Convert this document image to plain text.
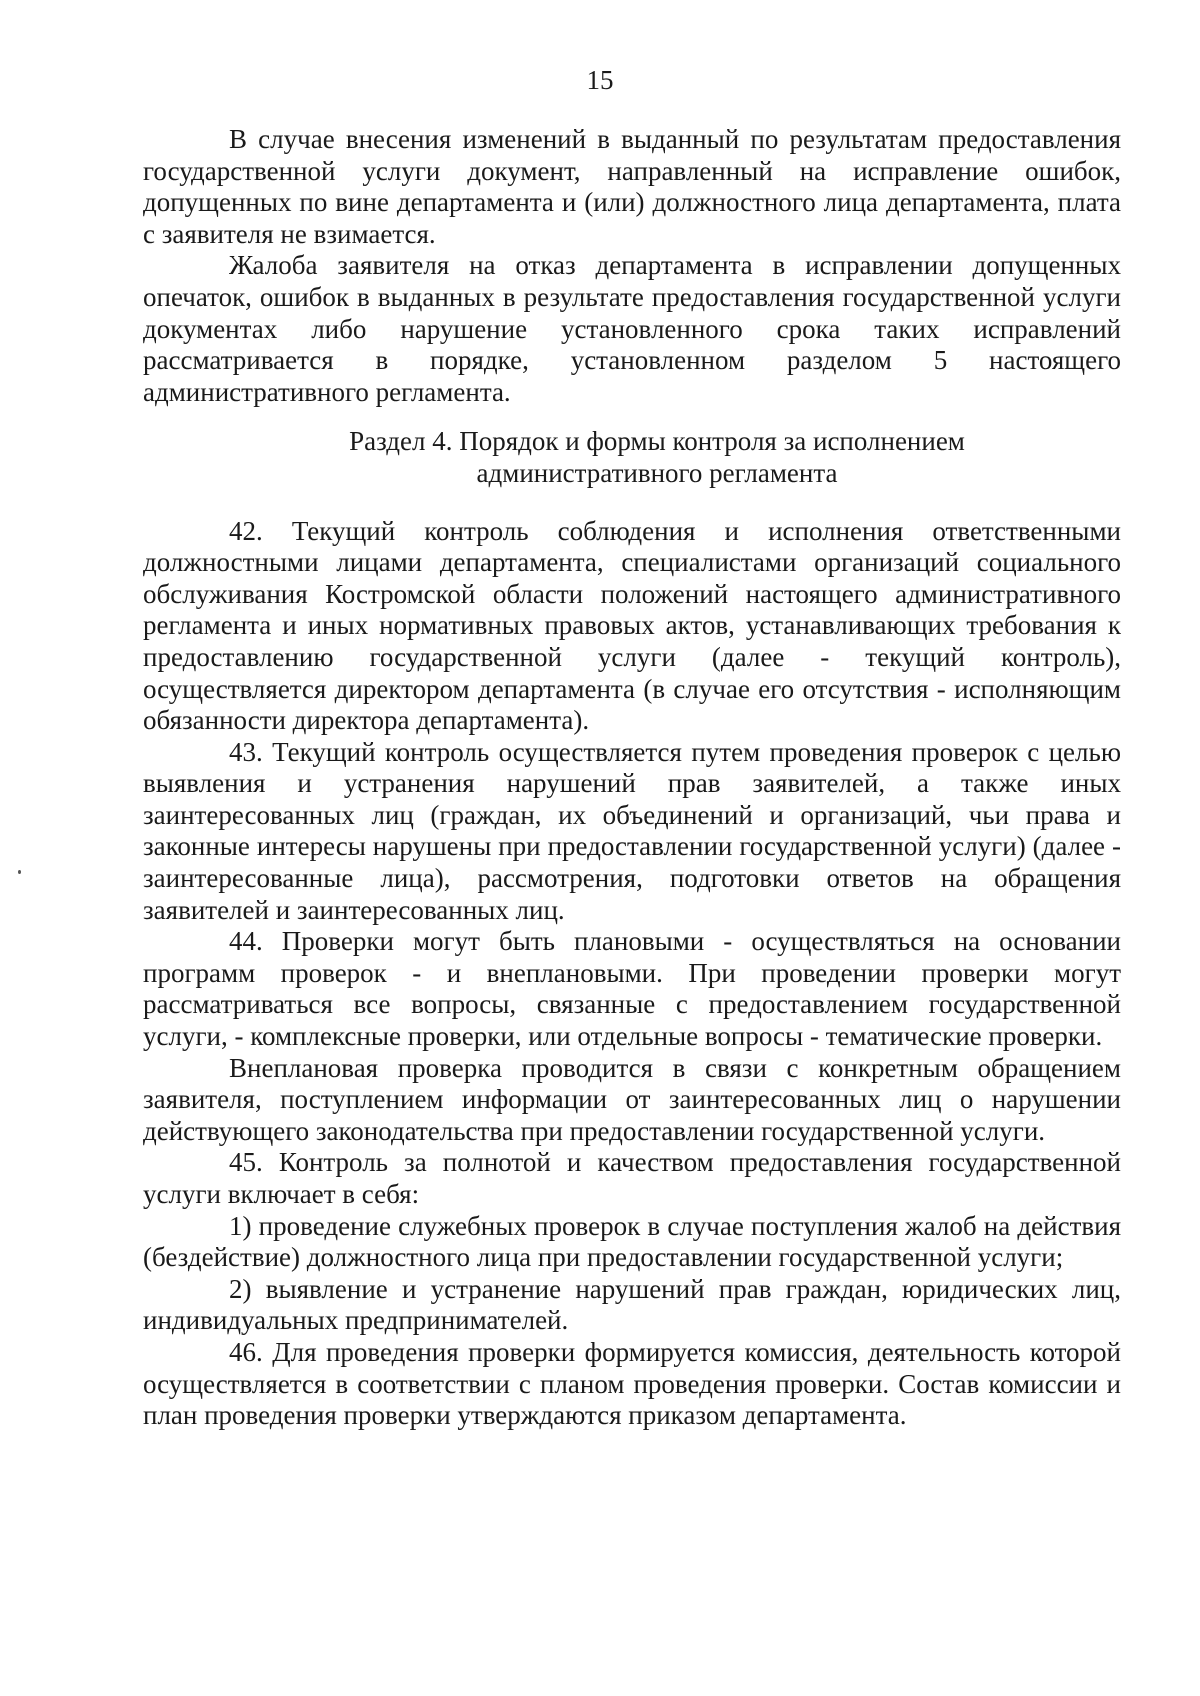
15

В случае внесения изменений в выданный по результатам предоставления государственной услуги документ, направленный на исправление ошибок, допущенных по вине департамента и (или) должностного лица департамента, плата с заявителя не взимается.

Жалоба заявителя на отказ департамента в исправлении допущенных опечаток, ошибок в выданных в результате предоставления государственной услуги документах либо нарушение установленного срока таких исправлений рассматривается в порядке, установленном разделом 5 настоящего административного регламента.

Раздел 4. Порядок и формы контроля за исполнением
административного регламента

42. Текущий контроль соблюдения и исполнения ответственными должностными лицами департамента, специалистами организаций социального обслуживания Костромской области положений настоящего административного регламента и иных нормативных правовых актов, устанавливающих требования к предоставлению государственной услуги (далее - текущий контроль), осуществляется директором департамента (в случае его отсутствия - исполняющим обязанности директора департамента).

43. Текущий контроль осуществляется путем проведения проверок с целью выявления и устранения нарушений прав заявителей, а также иных заинтересованных лиц (граждан, их объединений и организаций, чьи права и законные интересы нарушены при предоставлении государственной услуги) (далее - заинтересованные лица), рассмотрения, подготовки ответов на обращения заявителей и заинтересованных лиц.

44. Проверки могут быть плановыми - осуществляться на основании программ проверок - и внеплановыми. При проведении проверки могут рассматриваться все вопросы, связанные с предоставлением государственной услуги, - комплексные проверки, или отдельные вопросы - тематические проверки.

Внеплановая проверка проводится в связи с конкретным обращением заявителя, поступлением информации от заинтересованных лиц о нарушении действующего законодательства при предоставлении государственной услуги.

45. Контроль за полнотой и качеством предоставления государственной услуги включает в себя:

1) проведение служебных проверок в случае поступления жалоб на действия (бездействие) должностного лица при предоставлении государственной услуги;

2) выявление и устранение нарушений прав граждан, юридических лиц, индивидуальных предпринимателей.

46. Для проведения проверки формируется комиссия, деятельность которой осуществляется в соответствии с планом проведения проверки. Состав комиссии и план проведения проверки утверждаются приказом департамента.
